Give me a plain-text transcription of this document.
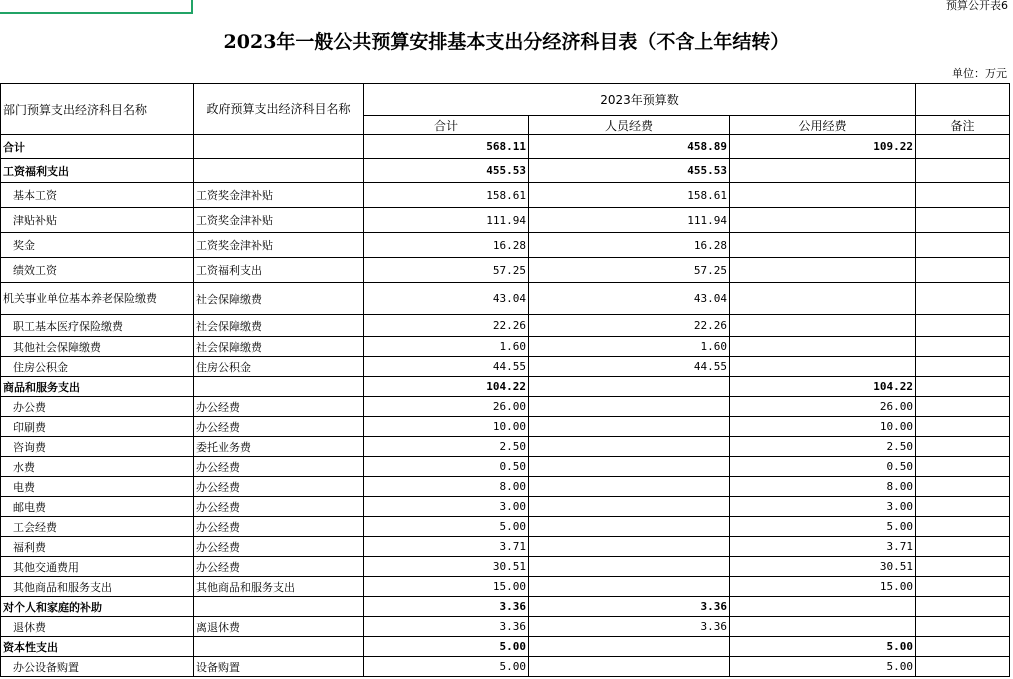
预算公开表6
2023年一般公共预算安排基本支出分经济科目表（不含上年结转）
单位：万元
部门预算支出经济科目名称	政府预算支出经济科目名称	2023年预算数			
		合计	人员经费	公用经费	备注
合计		568.11	458.89	109.22	
工资福利支出		455.53	455.53		
基本工资	工资奖金津补贴	158.61	158.61		
津贴补贴	工资奖金津补贴	111.94	111.94		
奖金	工资奖金津补贴	16.28	16.28		
绩效工资	工资福利支出	57.25	57.25		
机关事业单位基本养老保险缴费	社会保障缴费	43.04	43.04		
职工基本医疗保险缴费	社会保障缴费	22.26	22.26		
其他社会保障缴费	社会保障缴费	1.60	1.60		
住房公积金	住房公积金	44.55	44.55		
商品和服务支出		104.22		104.22	
办公费	办公经费	26.00		26.00	
印刷费	办公经费	10.00		10.00	
咨询费	委托业务费	2.50		2.50	
水费	办公经费	0.50		0.50	
电费	办公经费	8.00		8.00	
邮电费	办公经费	3.00		3.00	
工会经费	办公经费	5.00		5.00	
福利费	办公经费	3.71		3.71	
其他交通费用	办公经费	30.51		30.51	
其他商品和服务支出	其他商品和服务支出	15.00		15.00	
对个人和家庭的补助		3.36	3.36		
退休费	离退休费	3.36	3.36		
资本性支出		5.00		5.00	
办公设备购置	设备购置	5.00		5.00	
